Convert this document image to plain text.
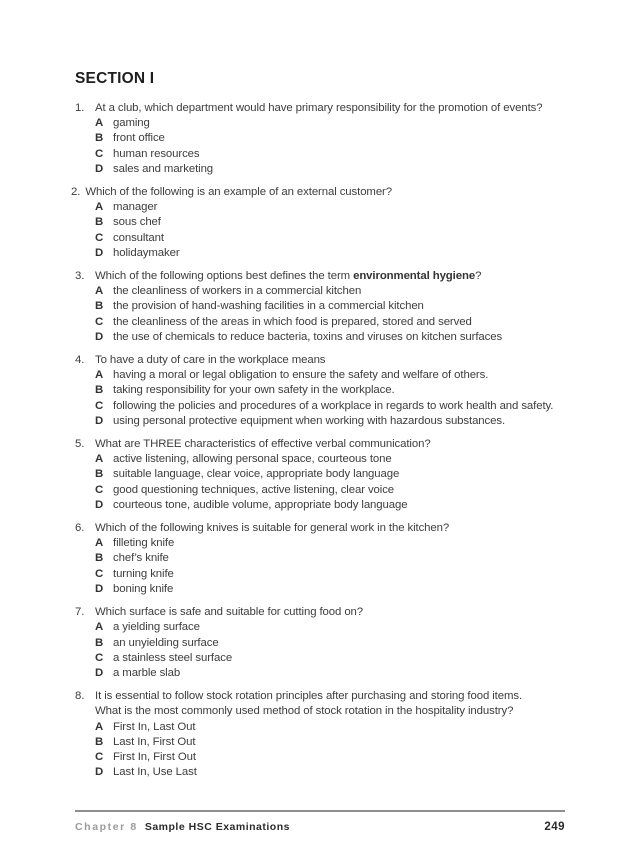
SECTION I
1. At a club, which department would have primary responsibility for the promotion of events?
A gaming
B front office
C human resources
D sales and marketing
2. Which of the following is an example of an external customer?
A manager
B sous chef
C consultant
D holidaymaker
3. Which of the following options best defines the term environmental hygiene?
A the cleanliness of workers in a commercial kitchen
B the provision of hand-washing facilities in a commercial kitchen
C the cleanliness of the areas in which food is prepared, stored and served
D the use of chemicals to reduce bacteria, toxins and viruses on kitchen surfaces
4. To have a duty of care in the workplace means
A having a moral or legal obligation to ensure the safety and welfare of others.
B taking responsibility for your own safety in the workplace.
C following the policies and procedures of a workplace in regards to work health and safety.
D using personal protective equipment when working with hazardous substances.
5. What are THREE characteristics of effective verbal communication?
A active listening, allowing personal space, courteous tone
B suitable language, clear voice, appropriate body language
C good questioning techniques, active listening, clear voice
D courteous tone, audible volume, appropriate body language
6. Which of the following knives is suitable for general work in the kitchen?
A filleting knife
B chef’s knife
C turning knife
D boning knife
7. Which surface is safe and suitable for cutting food on?
A a yielding surface
B an unyielding surface
C a stainless steel surface
D a marble slab
8. It is essential to follow stock rotation principles after purchasing and storing food items.
What is the most commonly used method of stock rotation in the hospitality industry?
A First In, Last Out
B Last In, First Out
C First In, First Out
D Last In, Use Last
Chapter 8 Sample HSC Examinations	249
